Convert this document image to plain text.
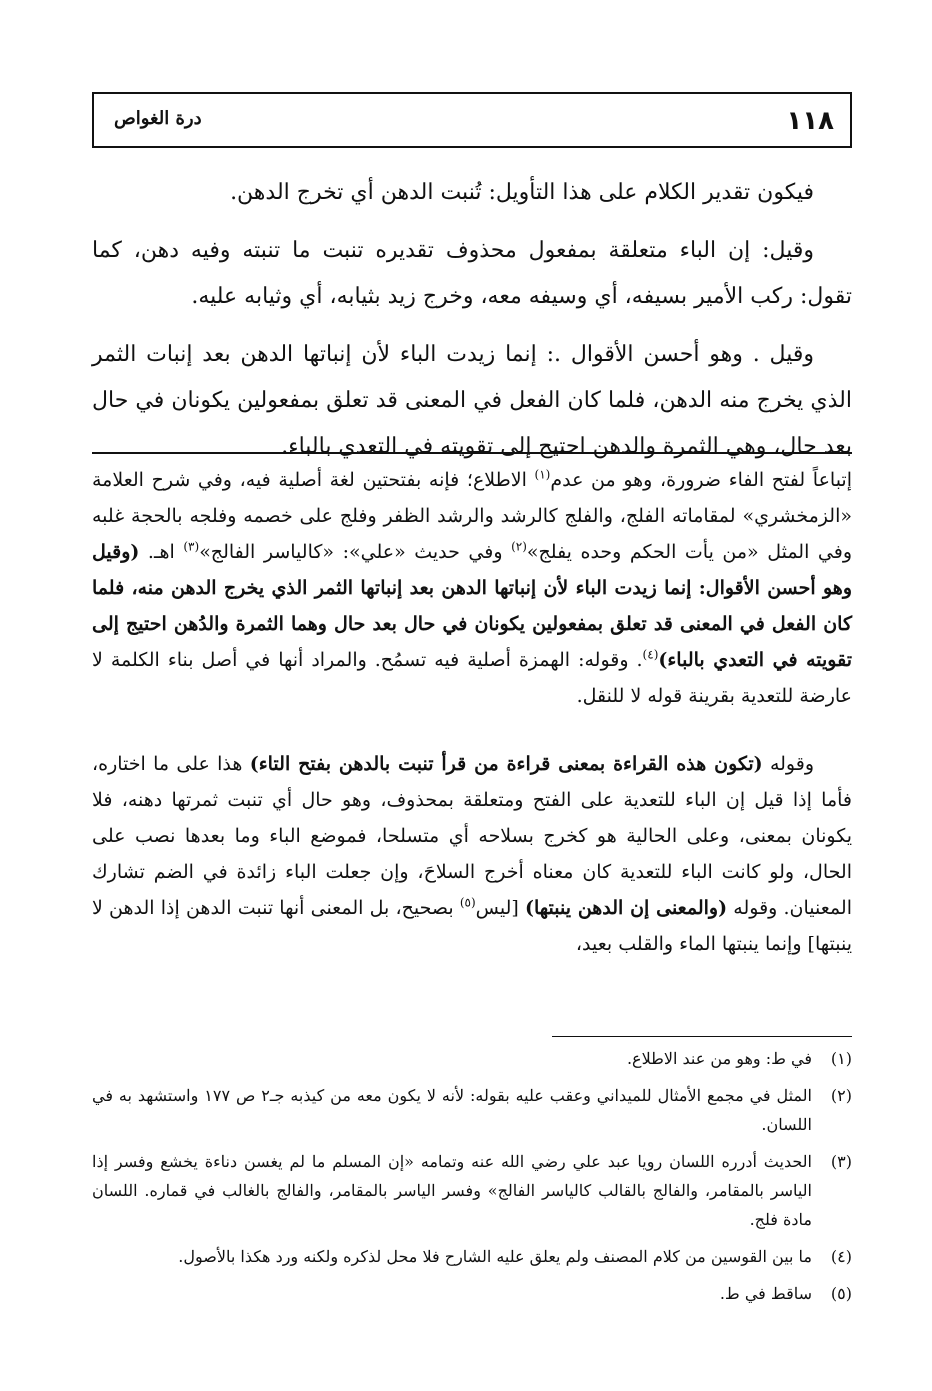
١١٨
درة الغواص

فيكون تقدير الكلام على هذا التأويل: تُنبت الدهن أي تخرج الدهن.

وقيل: إن الباء متعلقة بمفعول محذوف تقديره تنبت ما تنبته وفيه دهن، كما تقول: ركب الأمير بسيفه، أي وسيفه معه، وخرج زيد بثيابه، أي وثيابه عليه.

وقيل . وهو أحسن الأقوال .: إنما زيدت الباء لأن إنباتها الدهن بعد إنبات الثمر الذي يخرج منه الدهن، فلما كان الفعل في المعنى قد تعلق بمفعولين يكونان في حال بعد حال، وهي الثمرة والدهن احتيج إلى تقويته في التعدي بالباء.

إتباعاً لفتح الفاء ضرورة، وهو من عدم$^{(١)}$ الاطلاع؛ فإنه بفتحتين لغة أصلية فيه، وفي شرح العلامة «الزمخشري» لمقاماته الفلج، والفلج كالرشد والرشد الظفر وفلج على خصمه وفلجه بالحجة غلبه وفي المثل «من يأت الحكم وحده يفلج»$^{(٢)}$ وفي حديث «علي»: «كالياسر الفالج»$^{(٣)}$ اهـ. (وقيل وهو أحسن الأقوال: إنما زيدت الباء لأن إنباتها الدهن بعد إنباتها الثمر الذي يخرج الدهن منه، فلما كان الفعل في المعنى قد تعلق بمفعولين يكونان في حال بعد حال وهما الثمرة والدُهن احتيج إلى تقويته في التعدي بالباء)$^{(٤)}$. وقوله: الهمزة أصلية فيه تسمُح. والمراد أنها في أصل بناء الكلمة لا عارضة للتعدية بقرينة قوله لا للنقل.

وقوله (تكون هذه القراءة بمعنى قراءة من قرأ تنبت بالدهن بفتح التاء) هذا على ما اختاره، فأما إذا قيل إن الباء للتعدية على الفتح ومتعلقة بمحذوف، وهو حال أي تنبت ثمرتها دهنه، فلا يكونان بمعنى، وعلى الحالية هو كخرج بسلاحه أي متسلحا، فموضع الباء وما بعدها نصب على الحال، ولو كانت الباء للتعدية كان معناه أخرج السلاحَ، وإن جعلت الباء زائدة في الضم تشارك المعنيان. وقوله (والمعنى إن الدهن ينبتها) [ليس$^{(٥)}$ بصحيح، بل المعنى أنها تنبت الدهن إذا الدهن لا ينبتها] وإنما ينبتها الماء والقلب بعيد،

(١)
في ط: وهو من عند الاطلاع.
(٢)
المثل في مجمع الأمثال للميداني وعقب عليه بقوله: لأنه لا يكون معه من كيذبه جـ٢ ص ١٧٧ واستشهد به في اللسان.
(٣)
الحديث أدرره اللسان رويا عبد علي رضي الله عنه وتمامه «إن المسلم ما لم يغسن دناءة يخشع وفسر إذا الياسر بالمقامر، والفالج بالقالب كالياسر الفالج» وفسر الياسر بالمقامر، والفالج بالغالب في قماره. اللسان مادة فلج.
(٤)
ما بين القوسين من كلام المصنف ولم يعلق عليه الشارح فلا محل لذكره ولكنه ورد هكذا بالأصول.
(٥)
ساقط في ط.
